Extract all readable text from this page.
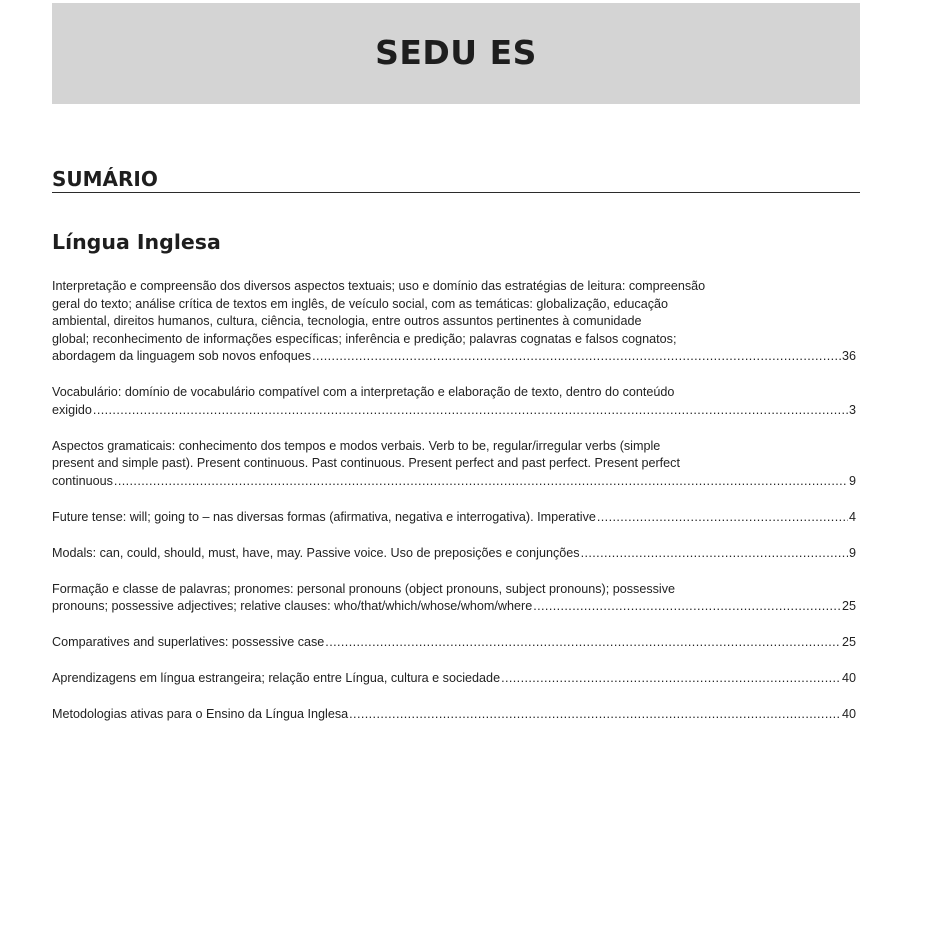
SEDU ES
SUMÁRIO
Língua Inglesa
Interpretação e compreensão dos diversos aspectos textuais; uso e domínio das estratégias de leitura: compreensão
geral do texto; análise crítica de textos em inglês, de veículo social, com as temáticas: globalização, educação
ambiental, direitos humanos, cultura, ciência, tecnologia, entre outros assuntos pertinentes à comunidade
global; reconhecimento de informações específicas; inferência e predição; palavras cognatas e falsos cognatos;
abordagem da linguagem sob novos enfoques .....	36
Vocabulário: domínio de vocabulário compatível com a interpretação e elaboração de texto, dentro do conteúdo
exigido .....	3
Aspectos gramaticais: conhecimento dos tempos e modos verbais. Verb to be, regular/irregular verbs (simple
present and simple past). Present continuous. Past continuous. Present perfect and past perfect. Present perfect
continuous .....	9
Future tense: will; going to – nas diversas formas (afirmativa, negativa e interrogativa). Imperative .....	4
Modals: can, could, should, must, have, may. Passive voice. Uso de preposições e conjunções .....	9
Formação e classe de palavras; pronomes: personal pronouns (object pronouns, subject pronouns); possessive
pronouns; possessive adjectives; relative clauses: who/that/which/whose/whom/where .....	25
Comparatives and superlatives: possessive case .....	25
Aprendizagens em língua estrangeira; relação entre Língua, cultura e sociedade .....	40
Metodologias ativas para o Ensino da Língua Inglesa .....	40
